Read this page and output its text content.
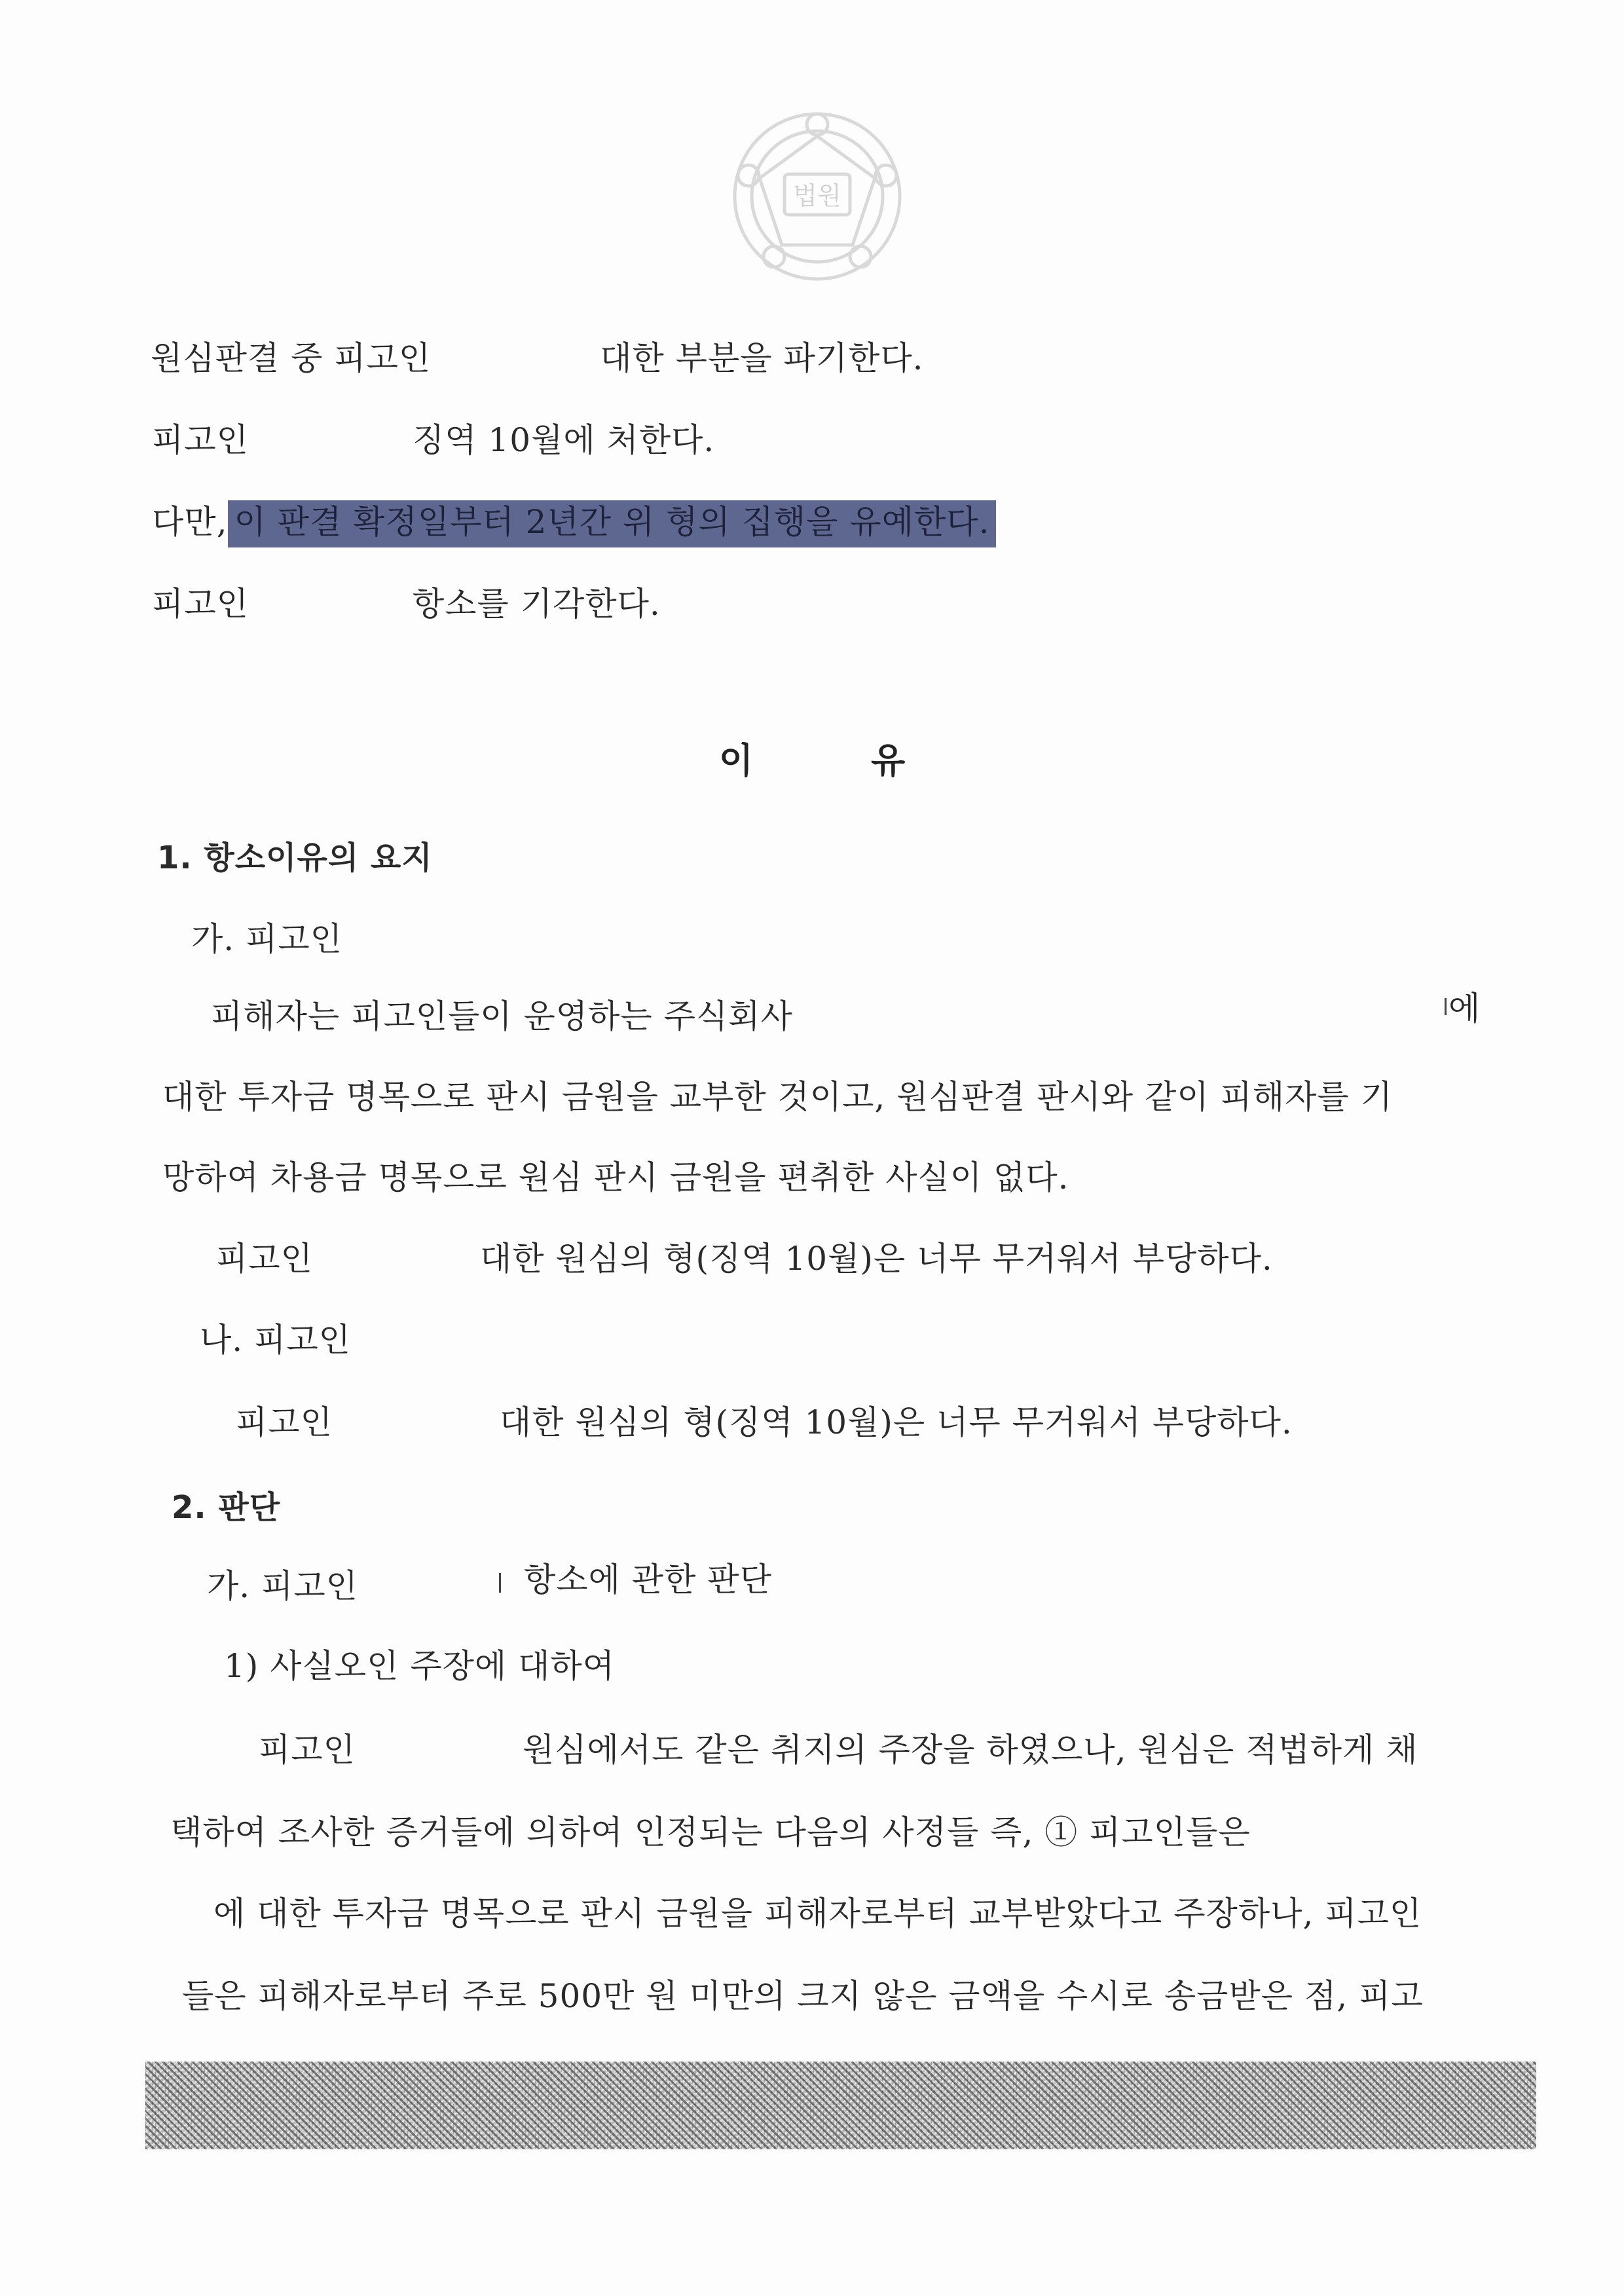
법원
원심판결 중 피고인	대한 부분을 파기한다.
피고인	징역 10월에 처한다.
다만, 이 판결 확정일부터 2년간 위 형의 집행을 유예한다.
피고인	항소를 기각한다.
이	유
1. 항소이유의 요지
가. 피고인
피해자는 피고인들이 운영하는 주식회사	에
대한 투자금 명목으로 판시 금원을 교부한 것이고, 원심판결 판시와 같이 피해자를 기
망하여 차용금 명목으로 원심 판시 금원을 편취한 사실이 없다.
피고인	대한 원심의 형(징역 10월)은 너무 무거워서 부당하다.
나. 피고인
피고인	대한 원심의 형(징역 10월)은 너무 무거워서 부당하다.
2. 판단
가. 피고인	항소에 관한 판단
1) 사실오인 주장에 대하여
피고인	원심에서도 같은 취지의 주장을 하였으나, 원심은 적법하게 채
택하여 조사한 증거들에 의하여 인정되는 다음의 사정들 즉, ① 피고인들은
에 대한 투자금 명목으로 판시 금원을 피해자로부터 교부받았다고 주장하나, 피고인
들은 피해자로부터 주로 500만 원 미만의 크지 않은 금액을 수시로 송금받은 점, 피고
